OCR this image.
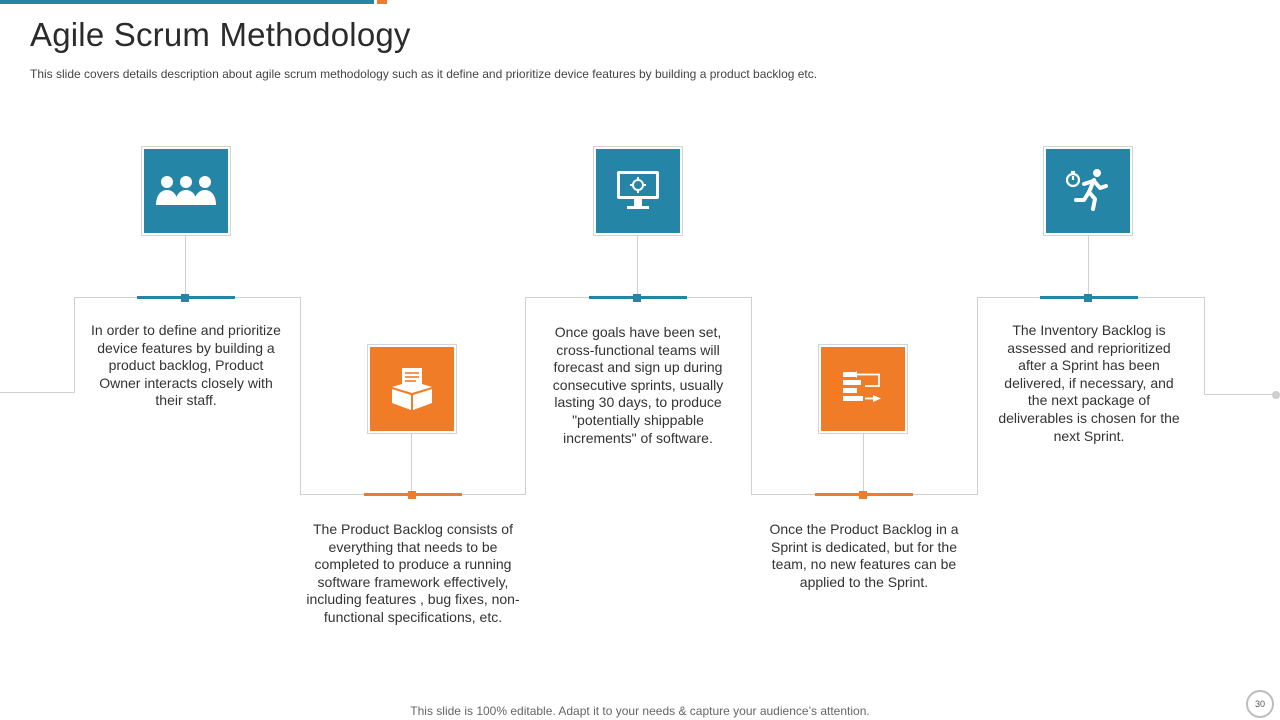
Agile Scrum Methodology

This slide covers details description about agile scrum methodology such as it define and prioritize device features by building a product backlog etc.

In order to define and prioritize device features by building a product backlog, Product Owner interacts closely with their staff.

The Product Backlog consists of everything that needs to be completed to produce a running software framework effectively, including features , bug fixes, non-functional specifications, etc.

Once goals have been set, cross-functional teams will forecast and sign up during consecutive sprints, usually lasting 30 days, to produce "potentially shippable increments" of software.

Once the Product Backlog in a Sprint is dedicated, but for the team, no new features can be applied to the Sprint.

The Inventory Backlog is assessed and reprioritized after a Sprint has been delivered, if necessary, and the next package of deliverables is chosen for the next Sprint.

This slide is 100% editable. Adapt it to your needs & capture your audience’s attention.	30
